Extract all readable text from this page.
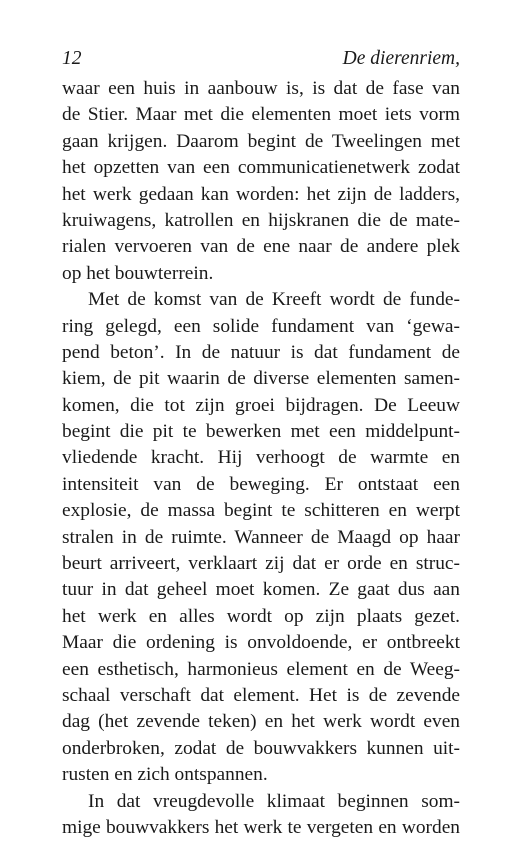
12	De dierenriem,
waar een huis in aanbouw is, is dat de fase van
de Stier. Maar met die elementen moet iets vorm
gaan krijgen. Daarom begint de Tweelingen met
het opzetten van een communicatienetwerk zodat
het werk gedaan kan worden: het zijn de ladders,
kruiwagens, katrollen en hijskranen die de mate-
rialen vervoeren van de ene naar de andere plek
op het bouwterrein.
Met de komst van de Kreeft wordt de funde-
ring gelegd, een solide fundament van ‘gewa-
pend beton’. In de natuur is dat fundament de
kiem, de pit waarin de diverse elementen samen-
komen, die tot zijn groei bijdragen. De Leeuw
begint die pit te bewerken met een middelpunt-
vliedende kracht. Hij verhoogt de warmte en
intensiteit van de beweging. Er ontstaat een
explosie, de massa begint te schitteren en werpt
stralen in de ruimte. Wanneer de Maagd op haar
beurt arriveert, verklaart zij dat er orde en struc-
tuur in dat geheel moet komen. Ze gaat dus aan
het werk en alles wordt op zijn plaats gezet.
Maar die ordening is onvoldoende, er ontbreekt
een esthetisch, harmonieus element en de Weeg-
schaal verschaft dat element. Het is de zevende
dag (het zevende teken) en het werk wordt even
onderbroken, zodat de bouwvakkers kunnen uit-
rusten en zich ontspannen.
In dat vreugdevolle klimaat beginnen som-
mige bouwvakkers het werk te vergeten en worden
